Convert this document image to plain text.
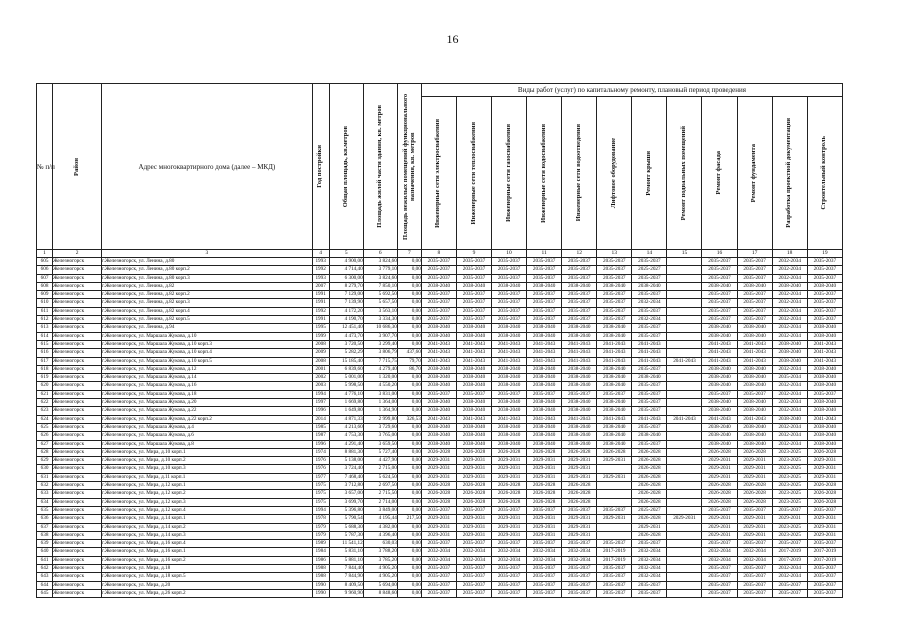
16
№ п/п	Район	Адрес многоквартирного дома (далее – МКД)	Год постройки	Общая площадь, кв.метров	Площадь жилой части здания, кв. метров	Площадь нежилых помещений функционального назначения, кв. метров	Виды работ (услуг) по капитальному ремонту, плановый период проведения											

							Инженерные сети электроснабжения	Инженерные сети теплоснабжения	Инженерные сети газоснабжения	Инженерные сети водоснабжения	Инженерные сети водоотведения	Лифтовое оборудование	Ремонт крыши	Ремонт подвальных помещений	Ремонт фасада	Ремонт фундамента	Разработка проектной документации	Строительный контроль

1	2	3	4	5	6	7	8	9	10	11	12	13	14	15	16	17	18	19
605	Железногорск	г.Железногорск, ул. Ленина, д.80	1993	4 900,00	3 824,60	0,00	2035-2037	2035-2037	2035-2037	2035-2037	2035-2037	2035-2037	2035-2037		2035-2037	2035-2037	2032-2034	2035-2037
606	Железногорск	г.Железногорск, ул. Ленина, д.80 корп.2	1992	4 714,40	3 779,10	0,00	2035-2037	2035-2037	2035-2037	2035-2037	2035-2037	2035-2037	2025-2027		2035-2037	2035-2037	2032-2034	2035-2037
607	Железногорск	г.Железногорск, ул. Ленина, д.80 корп.3	1993	6 300,00	3 824,60	0,00	2035-2037	2035-2037	2035-2037	2035-2037	2035-2037	2035-2037	2035-2037		2035-2037	2035-2037	2032-2034	2035-2037
608	Железногорск	г.Железногорск, ул. Ленина, д.82	2007	8 279,70	7 850,10	0,00	2038-2040	2038-2040	2038-2040	2038-2040	2038-2040	2038-2040	2038-2040		2038-2040	2038-2040	2038-2040	2038-2040
609	Железногорск	г.Железногорск, ул. Ленина, д.82 корп.2	1991	7 129,00	5 692,50	0,00	2035-2037	2035-2037	2035-2037	2035-2037	2035-2037	2035-2037	2035-2037		2035-2037	2035-2037	2032-2034	2035-2037
610	Железногорск	г.Железногорск, ул. Ленина, д.82 корп.3	1991	7 139,90	5 657,50	0,00	2035-2037	2035-2037	2035-2037	2035-2037	2035-2037	2035-2037	2032-2034		2035-2037	2035-2037	2032-2034	2035-2037
611	Железногорск	г.Железногорск, ул. Ленина, д.82 корп.4	1992	4 172,20	3 563,10	0,00	2035-2037	2035-2037	2035-2037	2035-2037	2035-2037	2035-2037	2035-2037		2035-2037	2035-2037	2032-2034	2035-2037
612	Железногорск	г.Железногорск, ул. Ленина, д.82 корп.5	1991	4 190,70	3 334,30	0,00	2035-2037	2035-2037	2035-2037	2035-2037	2035-2037	2035-2037	2032-2034		2035-2037	2035-2037	2032-2034	2035-2037
613	Железногорск	г.Железногорск, ул. Ленина, д.94	1995	12 451,40	10 686,30	0,00	2038-2040	2038-2040	2038-2040	2038-2040	2038-2040	2038-2040	2035-2037		2038-2040	2038-2040	2032-2034	2038-2040
614	Железногорск	г.Железногорск, ул. Маршала Жукова, д.10	1999	4 473,70	3 907,70	0,00	2038-2040	2038-2040	2038-2040	2038-2040	2038-2040	2038-2040	2035-2037		2038-2040	2038-2040	2032-2034	2038-2040
615	Железногорск	г.Железногорск, ул. Маршала Жукова, д.10 корп.3	2008	3 720,50	3 299,40	0,00	2041-2043	2041-2043	2041-2043	2041-2043	2041-2043	2041-2043	2041-2043		2041-2043	2041-2043	2038-2040	2041-2043
616	Железногорск	г.Железногорск, ул. Маршала Жукова, д.10 корп.4	2009	5 282,29	3 806,79	437,60	2041-2043	2041-2043	2041-2043	2041-2043	2041-2043	2041-2043	2041-2043		2041-2043	2041-2043	2038-2040	2041-2043
617	Железногорск	г.Железногорск, ул. Маршала Жукова, д.10 корп.5	2008	15 185,40	7 715,75	79,70	2041-2043	2041-2043	2041-2043	2041-2043	2041-2043	2041-2043	2041-2043	2041-2043	2041-2043	2041-2043	2038-2040	2041-2043
618	Железногорск	г.Железногорск, ул. Маршала Жукова, д.12	2001	6 839,60	4 279,40	86,70	2038-2040	2038-2040	2038-2040	2038-2040	2038-2040	2038-2040	2035-2037		2038-2040	2038-2040	2032-2034	2038-2040
619	Железногорск	г.Железногорск, ул. Маршала Жукова, д.14	2002	5 001,00	1 320,00	0,00	2038-2040	2038-2040	2038-2040	2038-2040	2038-2040	2038-2040	2038-2040		2038-2040	2038-2040	2035-2034	2038-2040
620	Железногорск	г.Железногорск, ул. Маршала Жукова, д.16	2003	5 998,50	4 550,20	0,00	2038-2040	2038-2040	2038-2040	2038-2040	2038-2040	2038-2040	2035-2037		2038-2040	2038-2040	2032-2034	2038-2040
621	Железногорск	г.Железногорск, ул. Маршала Жукова, д.18	1994	4 776,10	3 831,00	0,00	2035-2037	2035-2037	2035-2037	2035-2037	2035-2037	2035-2037	2035-2037		2035-2037	2035-2037	2032-2034	2035-2037
622	Железногорск	г.Железногорск, ул. Маршала Жукова, д.20	1997	1 669,80	1 364,00	0,00	2038-2040	2038-2040	2038-2040	2038-2040	2038-2040	2038-2040	2035-2037		2038-2040	2038-2040	2032-2034	2038-2040
623	Железногорск	г.Железногорск, ул. Маршала Жукова, д.22	1996	1 649,80	1 364,90	0,00	2038-2040	2038-2040	2038-2040	2038-2040	2038-2040	2038-2040	2035-2037		2038-2040	2038-2040	2032-2034	2038-2040
624	Железногорск	г.Железногорск, ул. Маршала Жукова, д.22 корп.2	2014	4 871,33	2 999,80	326,53	2041-2043	2041-2043	2041-2043	2041-2043	2041-2043	2041-2043	2041-2043	2041-2043	2041-2043	2041-2043	2038-2040	2041-2043
625	Железногорск	г.Железногорск, ул. Маршала Жукова, д.4	1985	4 213,60	3 729,60	0,00	2038-2040	2038-2040	2038-2040	2038-2040	2038-2040	2038-2040	2035-2037		2038-2040	2038-2040	2032-2034	2038-2040
626	Железногорск	г.Железногорск, ул. Маршала Жукова, д.6	1987	4 753,30	3 765,00	0,00	2038-2040	2038-2040	2038-2040	2038-2040	2038-2040	2038-2040	2038-2040		2038-2040	2038-2040	2032-2034	2038-2040
627	Железногорск	г.Железногорск, ул. Маршала Жукова, д.8	1996	4 291,40	3 659,50	0,00	2038-2040	2038-2040	2038-2040	2038-2040	2038-2040	2038-2040	2035-2037		2038-2040	2038-2040	2032-2034	2038-2040
628	Железногорск	г.Железногорск, ул. Мира, д.10 корп.1	1974	8 881,30	5 727,40	0,00	2026-2028	2026-2028	2026-2028	2026-2028	2026-2028	2026-2028	2026-2028		2026-2028	2026-2028	2023-2025	2026-2028
629	Железногорск	г.Железногорск, ул. Мира, д.10 корп.2	1976	5 138,00	4 427,90	0,00	2029-2031	2029-2031	2029-2031	2029-2031	2029-2031	2029-2031	2026-2028		2029-2031	2029-2031	2023-2025	2029-2031
630	Железногорск	г.Железногорск, ул. Мира, д.10 корп.3	1976	3 724,40	2 715,00	0,00	2029-2031	2029-2031	2029-2031	2029-2031	2029-2031		2026-2028		2029-2031	2029-2031	2023-2025	2029-2031
631	Железногорск	г.Железногорск, ул. Мира, д.11 корп.1	1977	7 468,40	5 624,50	0,00	2029-2031	2029-2031	2029-2031	2029-2031	2029-2031	2029-2031	2026-2028		2029-2031	2029-2031	2023-2025	2029-2031
632	Железногорск	г.Железногорск, ул. Мира, д.12 корп.1	1975	3 712,80	2 697,50	0,00	2026-2028	2026-2028	2026-2028	2026-2028	2026-2028		2026-2028		2026-2028	2026-2028	2023-2025	2026-2028
633	Железногорск	г.Железногорск, ул. Мира, д.12 корп.2	1975	3 657,00	2 715,50	0,00	2026-2028	2026-2028	2026-2028	2026-2028	2026-2028		2026-2028		2026-2028	2026-2028	2023-2025	2026-2028
634	Железногорск	г.Железногорск, ул. Мира, д.12 корп.3	1975	3 699,70	2 714,00	0,00	2026-2028	2026-2028	2026-2028	2026-2028	2026-2028		2026-2028		2026-2028	2026-2028	2023-2025	2026-2028
635	Железногорск	г.Железногорск, ул. Мира, д.12 корп.4	1994	5 396,80	3 849,00	0,00	2035-2037	2035-2037	2035-2037	2035-2037	2035-2037	2035-2037	2025-2027		2035-2037	2035-2037	2035-2037	2035-2037
636	Железногорск	г.Железногорск, ул. Мира, д.14 корп.1	1978	5 790,54	4 195,44	217,50	2029-2031	2029-2031	2029-2031	2029-2031	2029-2031	2029-2031	2026-2028	2029-2031	2029-2031	2029-2031	2029-2031	2029-2031
637	Железногорск	г.Железногорск, ул. Мира, д.14 корп.2	1979	5 688,30	4 382,00	0,00	2029-2031	2029-2031	2029-2031	2029-2031	2029-2031		2029-2031		2029-2031	2029-2031	2023-2025	2029-2031
638	Железногорск	г.Железногорск, ул. Мира, д.14 корп.3	1979	5 787,30	4 396,40	0,00	2029-2031	2029-2031	2029-2031	2029-2031	2029-2031		2026-2028		2029-2031	2029-2031	2023-2025	2029-2031
639	Железногорск	г.Железногорск, ул. Мира, д.16 корп.4	1989	11 541,12	630,03	0,00	2035-2037	2035-2037	2035-2037	2035-2037	2035-2037	2035-2037	2035-2037		2035-2037	2035-2037	2035-2037	2035-2037
640	Железногорск	г.Железногорск, ул. Мира, д.16 корп.1	1984	5 831,10	3 788,20	0,00	2032-2034	2032-2034	2032-2034	2032-2034	2032-2034	2017-2019	2032-2034		2032-2034	2032-2034	2017-2019	2017-2019
641	Железногорск	г.Железногорск, ул. Мира, д.16 корп.2	1986	5 881,10	3 785,20	0,00	2032-2034	2032-2034	2032-2034	2032-2034	2032-2034	2017-2019	2032-2034		2032-2034	2032-2034	2017-2019	2017-2019
642	Железногорск	г.Железногорск, ул. Мира, д.18	1988	7 844,40	4 905,20	0,00	2035-2037	2035-2037	2035-2037	2035-2037	2035-2037	2035-2037	2032-2034		2035-2037	2035-2037	2032-2034	2035-2037
643	Железногорск	г.Железногорск, ул. Мира, д.18 корп.5	1988	7 844,90	4 905,20	0,00	2035-2037	2035-2037	2035-2037	2035-2037	2035-2037	2035-2037	2032-2034		2035-2037	2035-2037	2032-2034	2035-2037
644	Железногорск	г.Железногорск, ул. Мира, д.20	1990	8 409,50	5 694,00	0,00	2035-2037	2035-2037	2035-2037	2035-2037	2035-2037	2035-2037	2035-2037		2035-2037	2035-2037	2035-2037	2035-2037
645	Железногорск	г.Железногорск, ул. Мира, д.26 корп.2	1990	9 960,90	8 848,60	0,00	2035-2037	2035-2037	2035-2037	2035-2037	2035-2037	2035-2037	2035-2037		2035-2037	2035-2037	2035-2037	2035-2037
